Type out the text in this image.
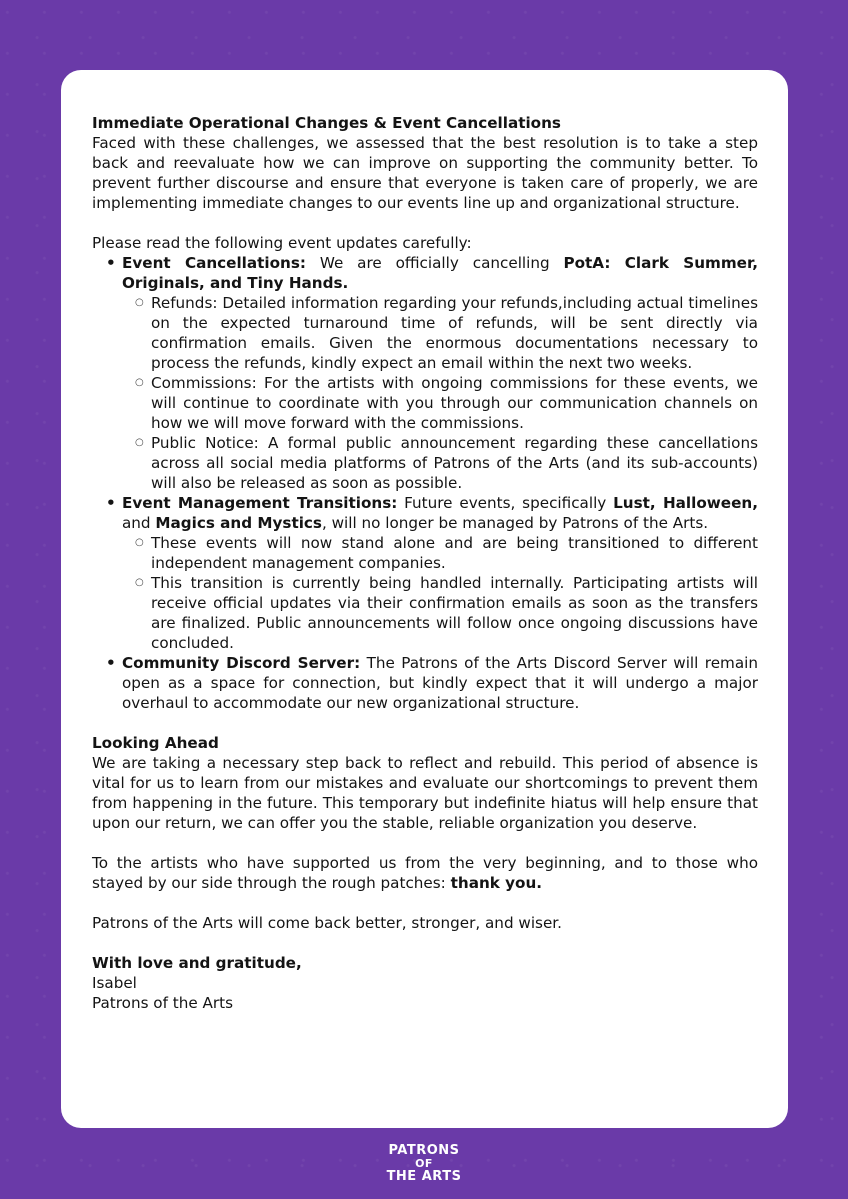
Immediate Operational Changes & Event Cancellations

Faced with these challenges, we assessed that the best resolution is to take a step back and reevaluate how we can improve on supporting the community better. To prevent further discourse and ensure that everyone is taken care of properly, we are implementing immediate changes to our events line up and organizational structure.

Please read the following event updates carefully:

• Event Cancellations: We are officially cancelling PotA: Clark Summer, Originals, and Tiny Hands.
○ Refunds: Detailed information regarding your refunds,including actual timelines on the expected turnaround time of refunds, will be sent directly via confirmation emails. Given the enormous documentations necessary to process the refunds, kindly expect an email within the next two weeks.
○ Commissions: For the artists with ongoing commissions for these events, we will continue to coordinate with you through our communication channels on how we will move forward with the commissions.
○ Public Notice: A formal public announcement regarding these cancellations across all social media platforms of Patrons of the Arts (and its sub-accounts) will also be released as soon as possible.
• Event Management Transitions: Future events, specifically Lust, Halloween, and Magics and Mystics, will no longer be managed by Patrons of the Arts.
○ These events will now stand alone and are being transitioned to different independent management companies.
○ This transition is currently being handled internally. Participating artists will receive official updates via their confirmation emails as soon as the transfers are finalized. Public announcements will follow once ongoing discussions have concluded.
• Community Discord Server: The Patrons of the Arts Discord Server will remain open as a space for connection, but kindly expect that it will undergo a major overhaul to accommodate our new organizational structure.
Looking Ahead

We are taking a necessary step back to reflect and rebuild. This period of absence is vital for us to learn from our mistakes and evaluate our shortcomings to prevent them from happening in the future. This temporary but indefinite hiatus will help ensure that upon our return, we can offer you the stable, reliable organization you deserve.

To the artists who have supported us from the very beginning, and to those who stayed by our side through the rough patches: thank you.

Patrons of the Arts will come back better, stronger, and wiser.

With love and gratitude,

Isabel

Patrons of the Arts

PATRONS
OF
THE ARTS
